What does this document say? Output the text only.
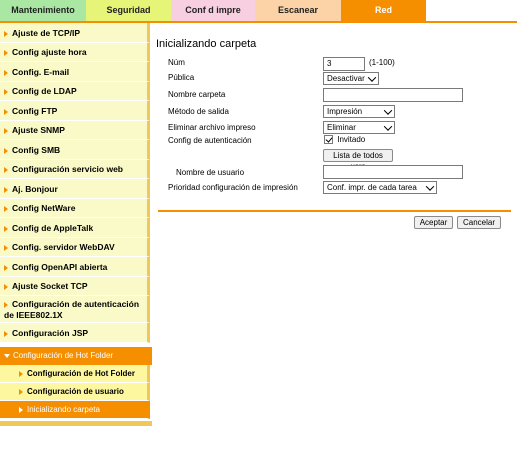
Mantenimiento	Seguridad	Conf d impre	Escanear	Red
Ajuste de TCP/IP
Config ajuste hora
Config. E-mail
Config de LDAP
Config FTP
Ajuste SNMP
Config SMB
Configuración servicio web
Aj. Bonjour
Config NetWare
Config de AppleTalk
Config. servidor WebDAV
Config OpenAPI abierta
Ajuste Socket TCP
Configuración de autenticación
de IEEE802.1X
Configuración JSP
Configuración de Hot Folder
Configuración de Hot Folder
Configuración de usuario
Inicializando carpeta
Inicializando carpeta
Núm	3	(1-100)
Pública	Desactivar
Nombre carpeta
Método de salida	Impresión
Eliminar archivo impreso	Eliminar
Config de autenticación	Invitado
Lista de todos
Nombre de usuario
Prioridad configuración de impresión	Conf. impr. de cada tarea
Aceptar	Cancelar
